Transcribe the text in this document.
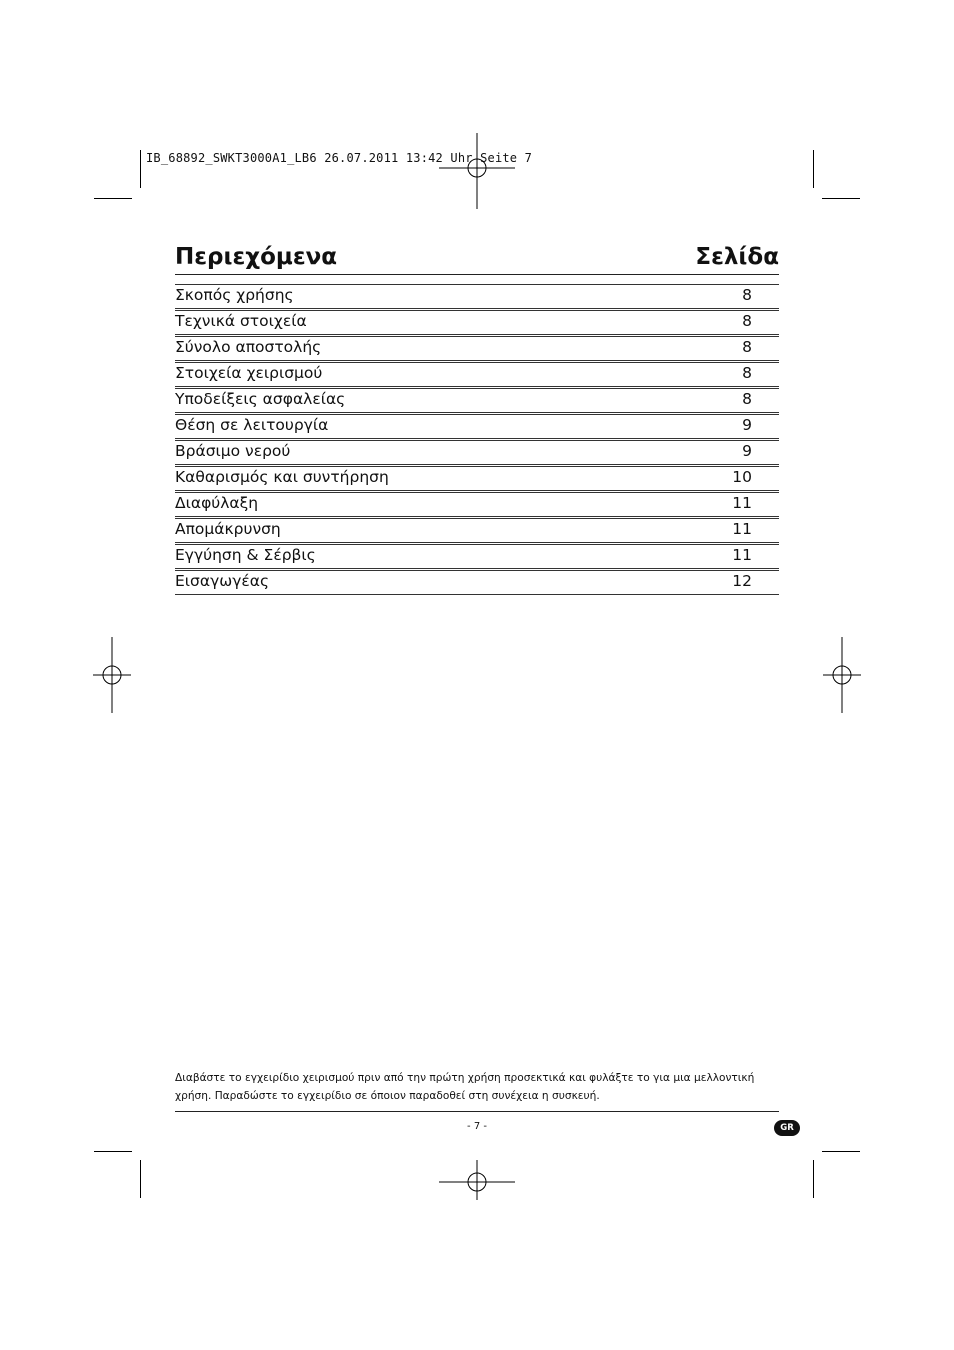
IB_68892_SWKT3000A1_LB6 26.07.2011 13:42 Uhr Seite 7
Περιεχόμενα	Σελίδα
Σκοπός χρήσης	8
Τεχνικά στοιχεία	8
Σύνολο αποστολής	8
Στοιχεία χειρισμού	8
Υποδείξεις ασφαλείας	8
Θέση σε λειτουργία	9
Βράσιμο νερού	9
Καθαρισμός και συντήρηση	10
Διαφύλαξη	11
Απομάκρυνση	11
Εγγύηση & Σέρβις	11
Εισαγωγέας	12
Διαβάστε το εγχειρίδιο χειρισμού πριν από την πρώτη χρήση προσεκτικά και φυλάξτε το για μια μελλοντική
χρήση. Παραδώστε το εγχειρίδιο σε όποιον παραδοθεί στη συνέχεια η συσκευή.
- 7 -	GR
